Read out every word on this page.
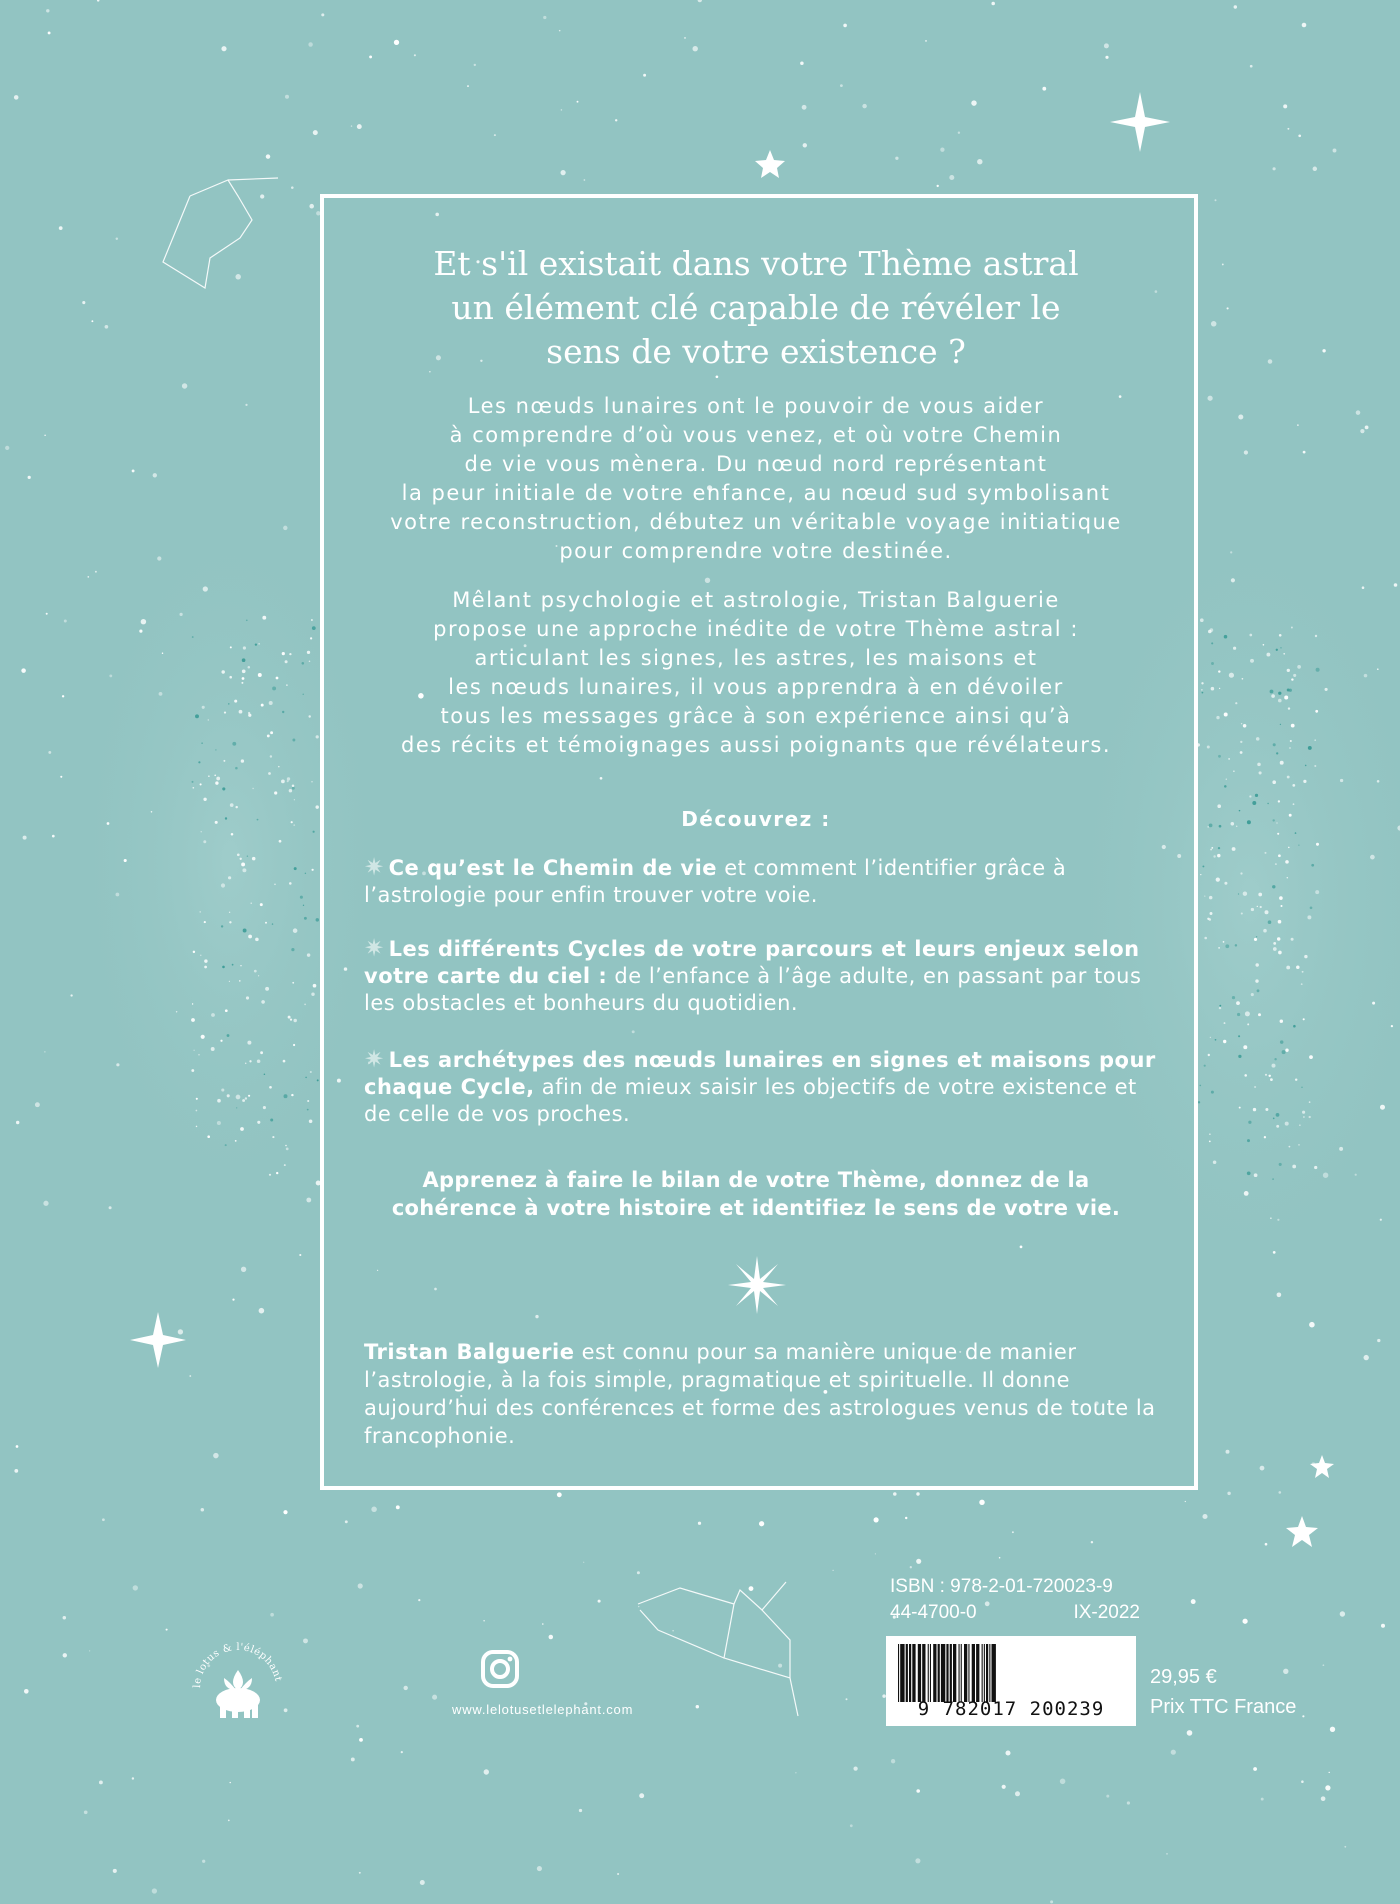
Et s'il existait dans votre Thème astral
un élément clé capable de révéler le
sens de votre existence ?
Les nœuds lunaires ont le pouvoir de vous aider
à comprendre d’où vous venez, et où votre Chemin
de vie vous mènera. Du nœud nord représentant
la peur initiale de votre enfance, au nœud sud symbolisant
votre reconstruction, débutez un véritable voyage initiatique
pour comprendre votre destinée.
Mêlant psychologie et astrologie, Tristan Balguerie
propose une approche inédite de votre Thème astral :
articulant les signes, les astres, les maisons et
les nœuds lunaires, il vous apprendra à en dévoiler
tous les messages grâce à son expérience ainsi qu’à
des récits et témoignages aussi poignants que révélateurs.
Découvrez :
✷ Ce qu’est le Chemin de vie et comment l’identifier grâce à l’astrologie pour enfin trouver votre voie.
✷ Les différents Cycles de votre parcours et leurs enjeux selon votre carte du ciel : de l’enfance à l’âge adulte, en passant par tous les obstacles et bonheurs du quotidien.
✷ Les archétypes des nœuds lunaires en signes et maisons pour chaque Cycle, afin de mieux saisir les objectifs de votre existence et de celle de vos proches.
Apprenez à faire le bilan de votre Thème, donnez de la
cohérence à votre histoire et identifiez le sens de votre vie.
Tristan Balguerie est connu pour sa manière unique de manier l’astrologie, à la fois simple, pragmatique et spirituelle. Il donne aujourd’hui des conférences et forme des astrologues venus de toute la francophonie.
ISBN : 978-2-01-720023-9
44-4700-0	IX-2022
9 782017 200239
29,95 €
Prix TTC France
www.lelotusetlelephant.com
le lotus & l'éléphant
